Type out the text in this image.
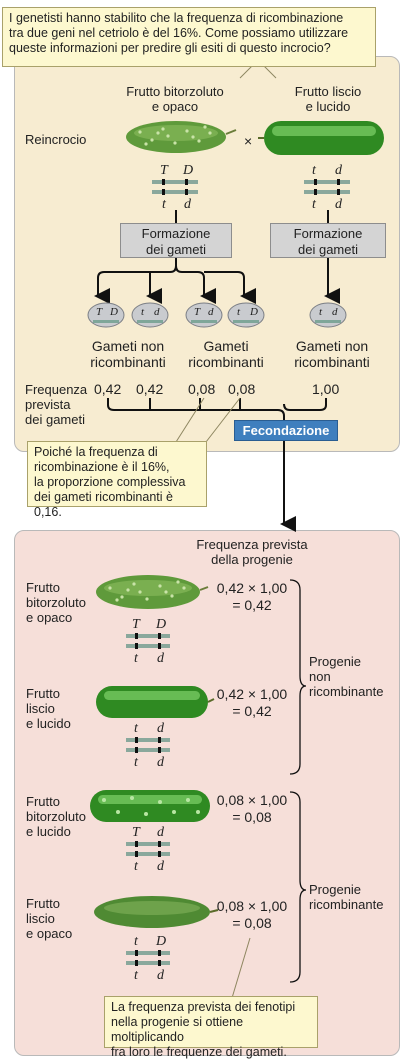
I genetisti hanno stabilito che la frequenza di ricombinazione
tra due geni nel cetriolo è del 16%. Come possiamo utilizzare
queste informazioni per predire gli esiti di questo incrocio?
Frutto bitorzoluto
e opaco
Frutto liscio
e lucido
Reincrocio	×
T D
t d
t d
t d
Formazione
dei gameti
Formazione
dei gameti
T D t d	T d t D	t d
Gameti non
ricombinanti
Gameti
ricombinanti
Gameti non
ricombinanti
Frequenza
prevista
dei gameti
0,42 0,42 0,08 0,08	1,00
Fecondazione
Poiché la frequenza di
ricombinazione è il 16%,
la proporzione complessiva
dei gameti ricombinanti è 0,16.
Frequenza prevista
della progenie
Frutto
bitorzoluto
e opaco	T D
t d
0,42 × 1,00
= 0,42
Frutto
liscio
e lucido	t d
t d
0,42 × 1,00
= 0,42
Frutto
bitorzoluto
e lucido	T d
t d
0,08 × 1,00
= 0,08
Frutto
liscio
e opaco
t D
t d
0,08 × 1,00
= 0,08
Progenie
non
ricombinante
Progenie
ricombinante
La frequenza prevista dei fenotipi
nella progenie si ottiene moltiplicando
fra loro le frequenze dei gameti.
